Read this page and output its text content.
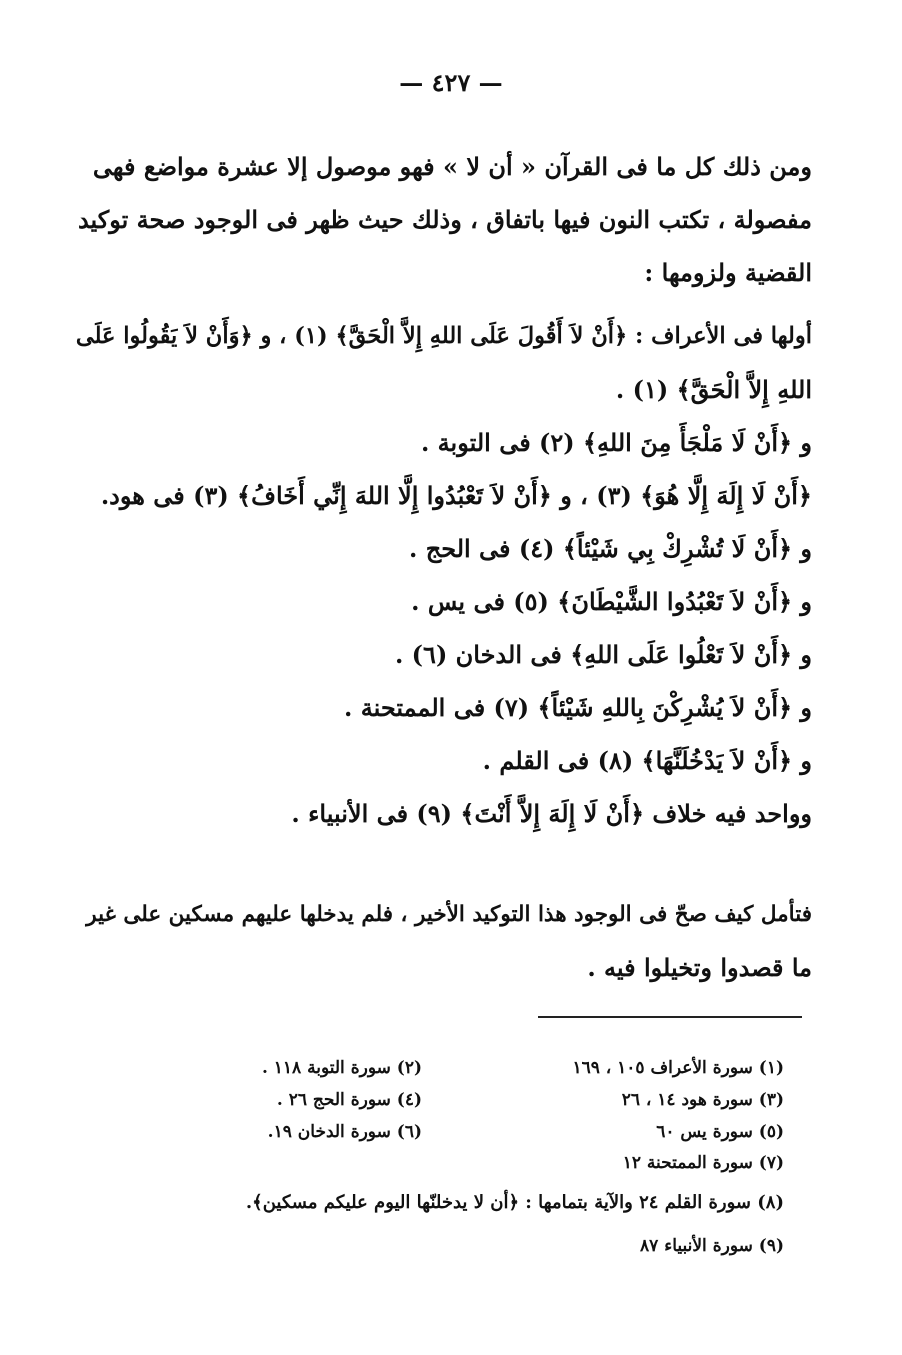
— ٤٢٧ —
ومن ذلك كل ما فى القرآن « أن لا » فهو موصول إلا عشرة مواضع فهى
مفصولة ، تكتب النون فيها باتفاق ، وذلك حيث ظهر فى الوجود صحة توكيد
القضية ولزومها :
أولها فى الأعراف : ﴿أَنْ لاَ أَقُولَ عَلَى اللهِ إِلاَّ الْحَقَّ﴾ (١) ، و ﴿وَأَنْ لاَ يَقُولُوا عَلَى
اللهِ إِلاَّ الْحَقَّ﴾ (١) .
و ﴿أَنْ لَا مَلْجَأَ مِنَ اللهِ﴾ (٢) فى التوبة .
﴿أَنْ لَا إِلَهَ إِلَّا هُوَ﴾ (٣) ، و ﴿أَنْ لاَ تَعْبُدُوا إِلَّا اللهَ إِنِّي أَخَافُ﴾ (٣) فى هود.
و ﴿أَنْ لَا تُشْرِكْ بِي شَيْئاً﴾ (٤) فى الحج .
و ﴿أَنْ لاَ تَعْبُدُوا الشَّيْطَانَ﴾ (٥) فى يس .
و ﴿أَنْ لاَ تَعْلُوا عَلَى اللهِ﴾ فى الدخان (٦) .
و ﴿أَنْ لاَ يُشْرِكْنَ بِاللهِ شَيْئاً﴾ (٧) فى الممتحنة .
و ﴿أَنْ لاَ يَدْخُلَنَّهَا﴾ (٨) فى القلم .
وواحد فيه خلاف ﴿أَنْ لَا إِلَهَ إِلاَّ أَنْتَ﴾ (٩) فى الأنبياء .
فتأمل كيف صحّ فى الوجود هذا التوكيد الأخير ، فلم يدخلها عليهم مسكين على غير
ما قصدوا وتخيلوا فيه .
(١) سورة الأعراف ١٠٥ ، ١٦٩
(٢) سورة التوبة ١١٨ .
(٣) سورة هود ١٤ ، ٢٦
(٤) سورة الحج ٢٦ .
(٥) سورة يس ٦٠
(٦) سورة الدخان ١٩.
(٧) سورة الممتحنة ١٢
(٨) سورة القلم ٢٤ والآية بتمامها : ﴿أن لا يدخلنّها اليوم عليكم مسكين﴾.
(٩) سورة الأنبياء ٨٧
